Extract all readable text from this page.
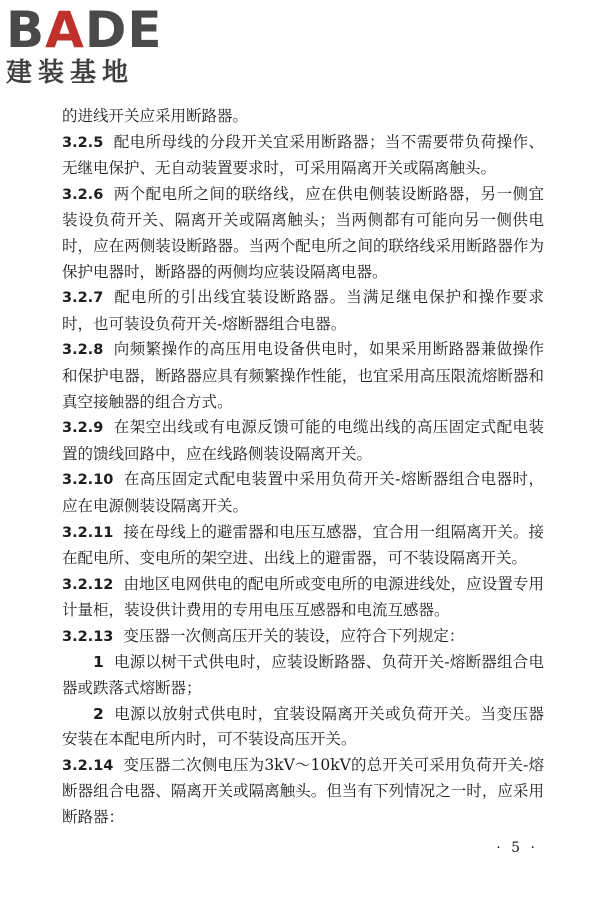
BADE
建装基地

的进线开关应采用断路器。

3.2.5 配电所母线的分段开关宜采用断路器；当不需要带负荷操作、无继电保护、无自动装置要求时，可采用隔离开关或隔离触头。

3.2.6 两个配电所之间的联络线，应在供电侧装设断路器，另一侧宜装设负荷开关、隔离开关或隔离触头；当两侧都有可能向另一侧供电时，应在两侧装设断路器。当两个配电所之间的联络线采用断路器作为保护电器时，断路器的两侧均应装设隔离电器。

3.2.7 配电所的引出线宜装设断路器。当满足继电保护和操作要求时，也可装设负荷开关-熔断器组合电器。

3.2.8 向频繁操作的高压用电设备供电时，如果采用断路器兼做操作和保护电器，断路器应具有频繁操作性能，也宜采用高压限流熔断器和真空接触器的组合方式。

3.2.9 在架空出线或有电源反馈可能的电缆出线的高压固定式配电装置的馈线回路中，应在线路侧装设隔离开关。

3.2.10 在高压固定式配电装置中采用负荷开关-熔断器组合电器时，应在电源侧装设隔离开关。

3.2.11 接在母线上的避雷器和电压互感器，宜合用一组隔离开关。接在配电所、变电所的架空进、出线上的避雷器，可不装设隔离开关。

3.2.12 由地区电网供电的配电所或变电所的电源进线处，应设置专用计量柜，装设供计费用的专用电压互感器和电流互感器。

3.2.13 变压器一次侧高压开关的装设，应符合下列规定：

1 电源以树干式供电时，应装设断路器、负荷开关-熔断器组合电器或跌落式熔断器；

2 电源以放射式供电时，宜装设隔离开关或负荷开关。当变压器安装在本配电所内时，可不装设高压开关。

3.2.14 变压器二次侧电压为3kV～10kV的总开关可采用负荷开关-熔断器组合电器、隔离开关或隔离触头。但当有下列情况之一时，应采用断路器：

· 5 ·
